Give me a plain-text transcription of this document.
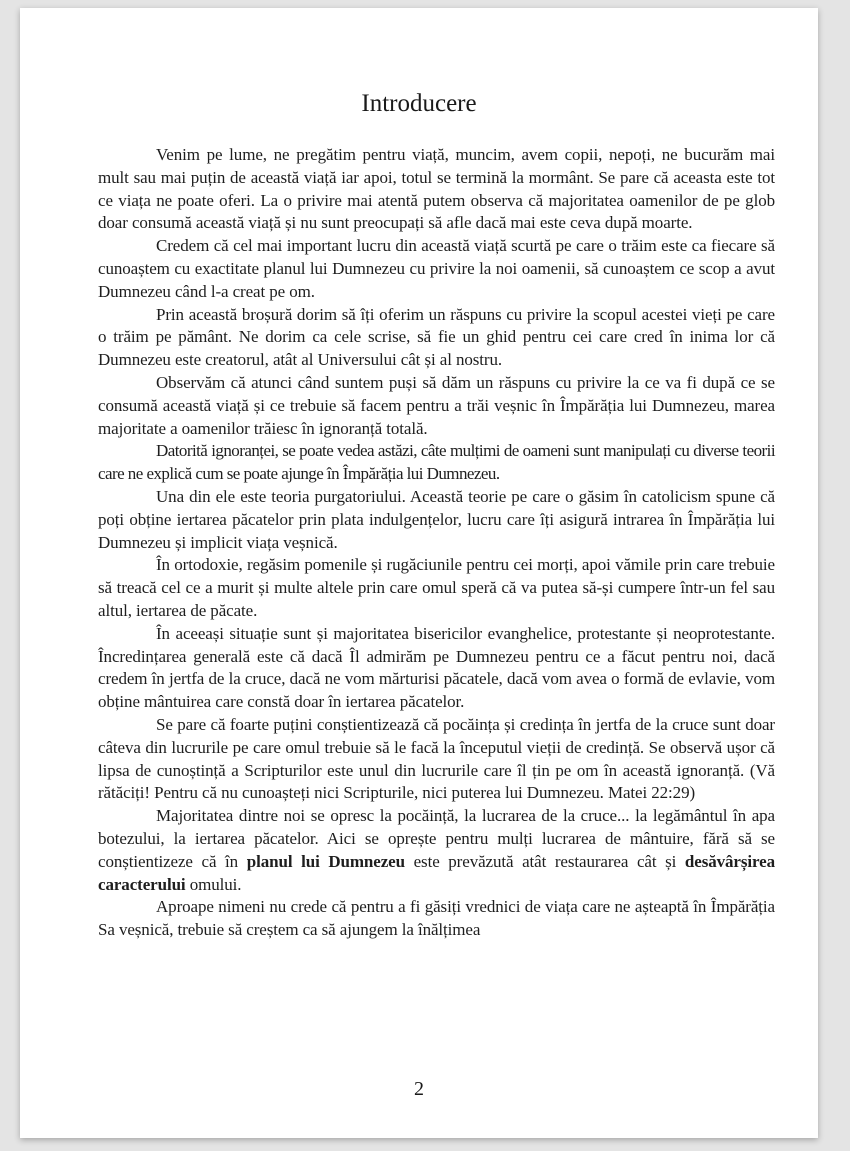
Introducere

Venim pe lume, ne pregătim pentru viață, muncim, avem copii, nepoți, ne bucurăm mai mult sau mai puțin de această viață iar apoi, totul se termină la mormânt. Se pare că aceasta este tot ce viața ne poate oferi. La o privire mai atentă putem observa că majoritatea oamenilor de pe glob doar consumă această viață și nu sunt preocupați să afle dacă mai este ceva după moarte.

Credem că cel mai important lucru din această viață scurtă pe care o trăim este ca fiecare să cunoaștem cu exactitate planul lui Dumnezeu cu privire la noi oamenii, să cunoaștem ce scop a avut Dumnezeu când l-a creat pe om.

Prin această broșură dorim să îți oferim un răspuns cu privire la scopul acestei vieți pe care o trăim pe pământ. Ne dorim ca cele scrise, să fie un ghid pentru cei care cred în inima lor că Dumnezeu este creatorul, atât al Universului cât și al nostru.

Observăm că atunci când suntem puși să dăm un răspuns cu privire la ce va fi după ce se consumă această viață și ce trebuie să facem pentru a trăi veșnic în Împărăția lui Dumnezeu, marea majoritate a oamenilor trăiesc în ignoranță totală.

Datorită ignoranței, se poate vedea astăzi, câte mulțimi de oameni sunt manipulați cu diverse teorii care ne explică cum se poate ajunge în Împărăția lui Dumnezeu.

Una din ele este teoria purgatoriului. Această teorie pe care o găsim în catolicism spune că poți obține iertarea păcatelor prin plata indulgențelor, lucru care îți asigură intrarea în Împărăția lui Dumnezeu și implicit viața veșnică.

În ortodoxie, regăsim pomenile și rugăciunile pentru cei morți, apoi vămile prin care trebuie să treacă cel ce a murit și multe altele prin care omul speră că va putea să-și cumpere într-un fel sau altul, iertarea de păcate.

În aceeași situație sunt și majoritatea bisericilor evanghelice, protestante și neoprotestante. Încredințarea generală este că dacă Îl admirăm pe Dumnezeu pentru ce a făcut pentru noi, dacă credem în jertfa de la cruce, dacă ne vom mărturisi păcatele, dacă vom avea o formă de evlavie, vom obține mântuirea care constă doar în iertarea păcatelor.

Se pare că foarte puțini conștientizează că pocăința și credința în jertfa de la cruce sunt doar câteva din lucrurile pe care omul trebuie să le facă la începutul vieții de credință. Se observă ușor că lipsa de cunoștință a Scripturilor este unul din lucrurile care îl țin pe om în această ignoranță. (Vă rătăciți! Pentru că nu cunoașteți nici Scripturile, nici puterea lui Dumnezeu. Matei 22:29)

Majoritatea dintre noi se opresc la pocăință, la lucrarea de la cruce... la legământul în apa botezului, la iertarea păcatelor. Aici se oprește pentru mulți lucrarea de mântuire, fără să se conștientizeze că în planul lui Dumnezeu este prevăzută atât restaurarea cât și desăvârșirea caracterului omului.

Aproape nimeni nu crede că pentru a fi găsiți vrednici de viața care ne așteaptă în Împărăția Sa veșnică, trebuie să creștem ca să ajungem la înălțimea

2
